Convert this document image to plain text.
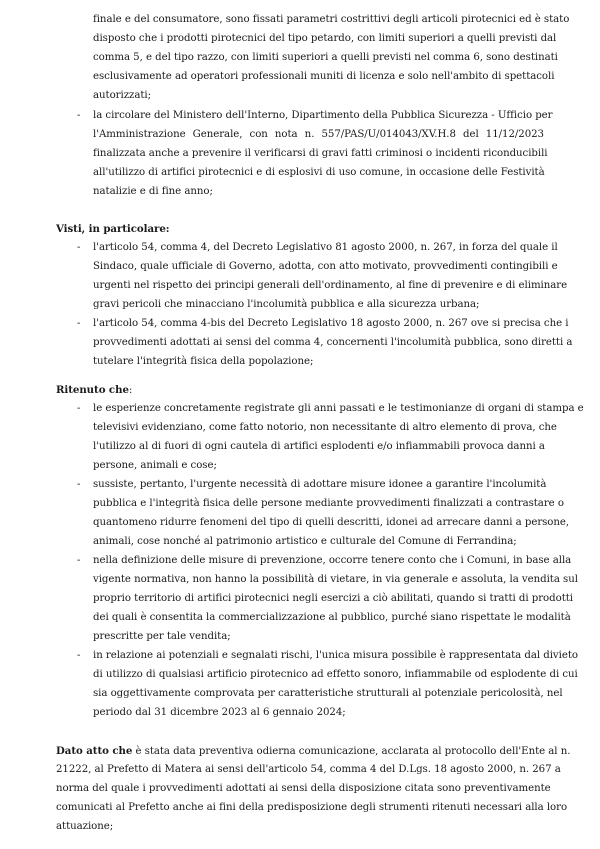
finale e del consumatore, sono fissati parametri costrittivi degli articoli pirotecnici ed è stato
disposto che i prodotti pirotecnici del tipo petardo, con limiti superiori a quelli previsti dal
comma 5, e del tipo razzo, con limiti superiori a quelli previsti nel comma 6, sono destinati
esclusivamente ad operatori professionali muniti di licenza e solo nell'ambito di spettacoli
autorizzati;
- la circolare del Ministero dell'Interno, Dipartimento della Pubblica Sicurezza - Ufficio per
l'Amministrazione Generale, con nota n. 557/PAS/U/014043/XV.H.8 del 11/12/2023
finalizzata anche a prevenire il verificarsi di gravi fatti criminosi o incidenti riconducibili
all'utilizzo di artifici pirotecnici e di esplosivi di uso comune, in occasione delle Festività
natalizie e di fine anno;
Visti, in particolare:
- l'articolo 54, comma 4, del Decreto Legislativo 81 agosto 2000, n. 267, in forza del quale il
Sindaco, quale ufficiale di Governo, adotta, con atto motivato, provvedimenti contingibili e
urgenti nel rispetto dei principi generali dell'ordinamento, al fine di prevenire e di eliminare
gravi pericoli che minacciano l'incolumità pubblica e alla sicurezza urbana;
- l'articolo 54, comma 4-bis del Decreto Legislativo 18 agosto 2000, n. 267 ove si precisa che i
provvedimenti adottati ai sensi del comma 4, concernenti l'incolumità pubblica, sono diretti a
tutelare l'integrità fisica della popolazione;
Ritenuto che:
- le esperienze concretamente registrate gli anni passati e le testimonianze di organi di stampa e
televisivi evidenziano, come fatto notorio, non necessitante di altro elemento di prova, che
l'utilizzo al di fuori di ogni cautela di artifici esplodenti e/o infiammabili provoca danni a
persone, animali e cose;
- sussiste, pertanto, l'urgente necessità di adottare misure idonee a garantire l'incolumità
pubblica e l'integrità fisica delle persone mediante provvedimenti finalizzati a contrastare o
quantomeno ridurre fenomeni del tipo di quelli descritti, idonei ad arrecare danni a persone,
animali, cose nonché al patrimonio artistico e culturale del Comune di Ferrandina;
- nella definizione delle misure di prevenzione, occorre tenere conto che i Comuni, in base alla
vigente normativa, non hanno la possibilità di vietare, in via generale e assoluta, la vendita sul
proprio territorio di artifici pirotecnici negli esercizi a ciò abilitati, quando si tratti di prodotti
dei quali è consentita la commercializzazione al pubblico, purché siano rispettate le modalità
prescritte per tale vendita;
- in relazione ai potenziali e segnalati rischi, l'unica misura possibile è rappresentata dal divieto
di utilizzo di qualsiasi artificio pirotecnico ad effetto sonoro, infiammabile od esplodente di cui
sia oggettivamente comprovata per caratteristiche strutturali al potenziale pericolosità, nel
periodo dal 31 dicembre 2023 al 6 gennaio 2024;
Dato atto che è stata data preventiva odierna comunicazione, acclarata al protocollo dell'Ente al n.
21222, al Prefetto di Matera ai sensi dell'articolo 54, comma 4 del D.Lgs. 18 agosto 2000, n. 267 a
norma del quale i provvedimenti adottati ai sensi della disposizione citata sono preventivamente
comunicati al Prefetto anche ai fini della predisposizione degli strumenti ritenuti necessari alla loro
attuazione;
